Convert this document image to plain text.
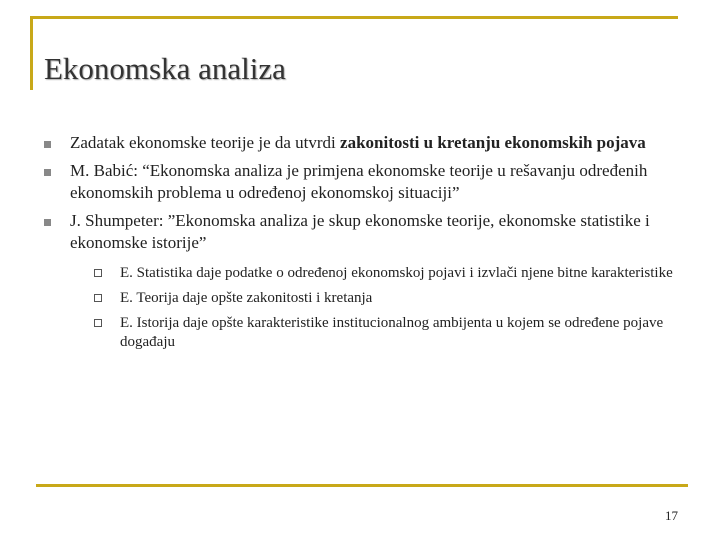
Ekonomska analiza
Zadatak ekonomske teorije je da utvrdi zakonitosti u kretanju ekonomskih pojava
M. Babić: “Ekonomska analiza je primjena ekonomske teorije u rešavanju određenih ekonomskih problema u određenoj ekonomskoj situaciji”
J. Shumpeter: ”Ekonomska analiza je skup ekonomske teorije, ekonomske statistike i ekonomske istorije”
E. Statistika daje podatke o određenoj ekonomskoj pojavi i izvlači njene bitne karakteristike
E. Teorija daje opšte zakonitosti i kretanja
E. Istorija daje opšte karakteristike institucionalnog ambijenta u kojem se određene pojave događaju
17
